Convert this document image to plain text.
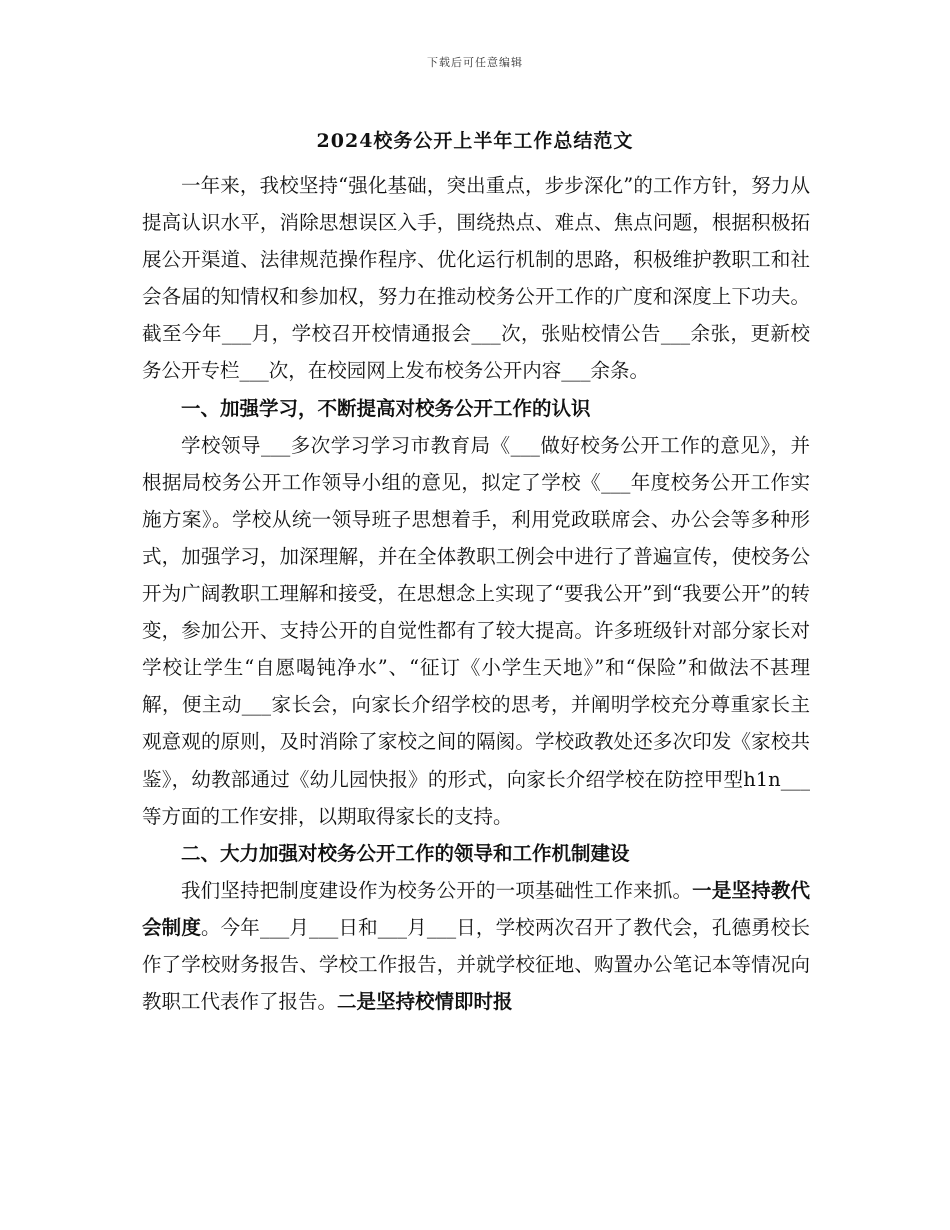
下载后可任意编辑
2024校务公开上半年工作总结范文

一年来，我校坚持“强化基础，突出重点，步步深化”的工作方针，努力从提高认识水平，消除思想误区入手，围绕热点、难点、焦点问题，根据积极拓展公开渠道、法律规范操作程序、优化运行机制的思路，积极维护教职工和社会各届的知情权和参加权，努力在推动校务公开工作的广度和深度上下功夫。截至今年___月，学校召开校情通报会___次，张贴校情公告___余张，更新校务公开专栏___次，在校园网上发布校务公开内容___余条。

一、加强学习，不断提高对校务公开工作的认识

学校领导___多次学习学习市教育局《___做好校务公开工作的意见》，并根据局校务公开工作领导小组的意见，拟定了学校《___年度校务公开工作实施方案》。学校从统一领导班子思想着手，利用党政联席会、办公会等多种形式，加强学习，加深理解，并在全体教职工例会中进行了普遍宣传，使校务公开为广阔教职工理解和接受，在思想念上实现了“要我公开”到“我要公开”的转变，参加公开、支持公开的自觉性都有了较大提高。许多班级针对部分家长对学校让学生“自愿喝钝净水”、“征订《小学生天地》”和“保险”和做法不甚理解，便主动___家长会，向家长介绍学校的思考，并阐明学校充分尊重家长主观意观的原则，及时消除了家校之间的隔阂。学校政教处还多次印发《家校共鉴》，幼教部通过《幼儿园快报》的形式，向家长介绍学校在防控甲型h1n___等方面的工作安排，以期取得家长的支持。

二、大力加强对校务公开工作的领导和工作机制建设

我们坚持把制度建设作为校务公开的一项基础性工作来抓。一是坚持教代会制度。今年___月___日和___月___日，学校两次召开了教代会，孔德勇校长作了学校财务报告、学校工作报告，并就学校征地、购置办公笔记本等情况向教职工代表作了报告。二是坚持校情即时报
